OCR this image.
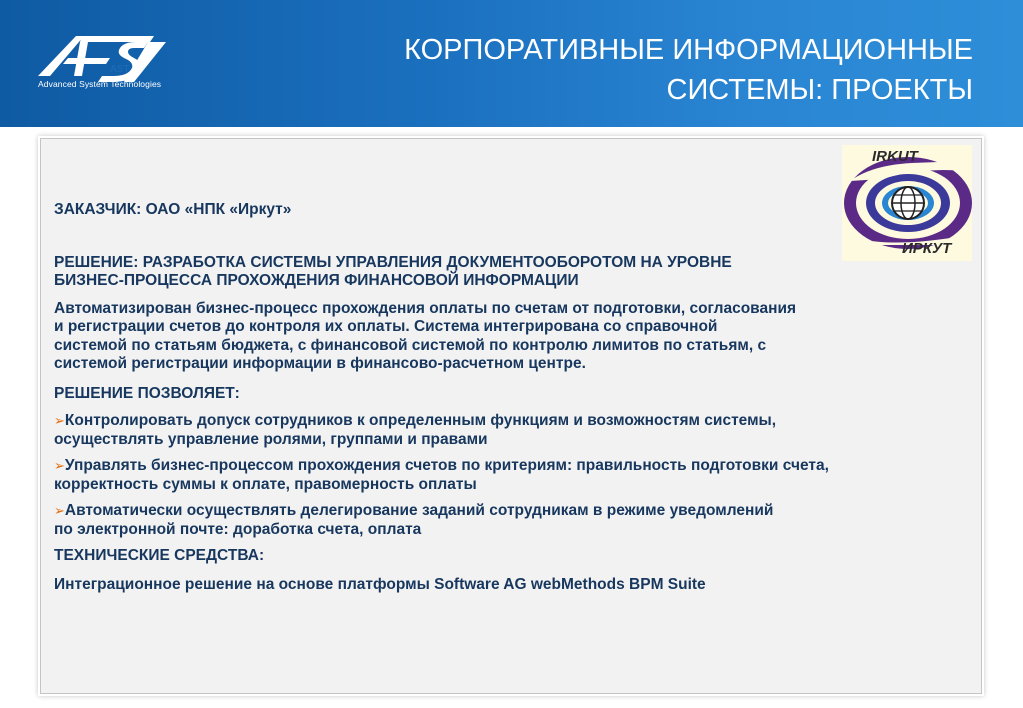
AST
Advanced System Technologies
КОРПОРАТИВНЫЕ ИНФОРМАЦИОННЫЕ
СИСТЕМЫ: ПРОЕКТЫ
IRKUT
ИРКУТ

ЗАКАЗЧИК: ОАО «НПК «Иркут»

РЕШЕНИЕ: РАЗРАБОТКА СИСТЕМЫ УПРАВЛЕНИЯ ДОКУМЕНТООБОРОТОМ НА УРОВНЕ

БИЗНЕС-ПРОЦЕССА ПРОХОЖДЕНИЯ ФИНАНСОВОЙ ИНФОРМАЦИИ

Автоматизирован бизнес-процесс прохождения оплаты по счетам от подготовки, согласования

и регистрации счетов до контроля их оплаты. Система интегрирована со справочной

системой по статьям бюджета, с финансовой системой по контролю лимитов по статьям, с

системой регистрации информации в финансово-расчетном центре.

РЕШЕНИЕ ПОЗВОЛЯЕТ:

➢Контролировать допуск сотрудников к определенным функциям и возможностям системы,

осуществлять управление ролями, группами и правами

➢Управлять бизнес-процессом прохождения счетов по критериям: правильность подготовки счета,

корректность суммы к оплате, правомерность оплаты

➢Автоматически осуществлять делегирование заданий сотрудникам в режиме уведомлений

по электронной почте: доработка счета, оплата

ТЕХНИЧЕСКИЕ СРЕДСТВА:

Интеграционное решение на основе платформы Software AG webMethods BPM Suite
